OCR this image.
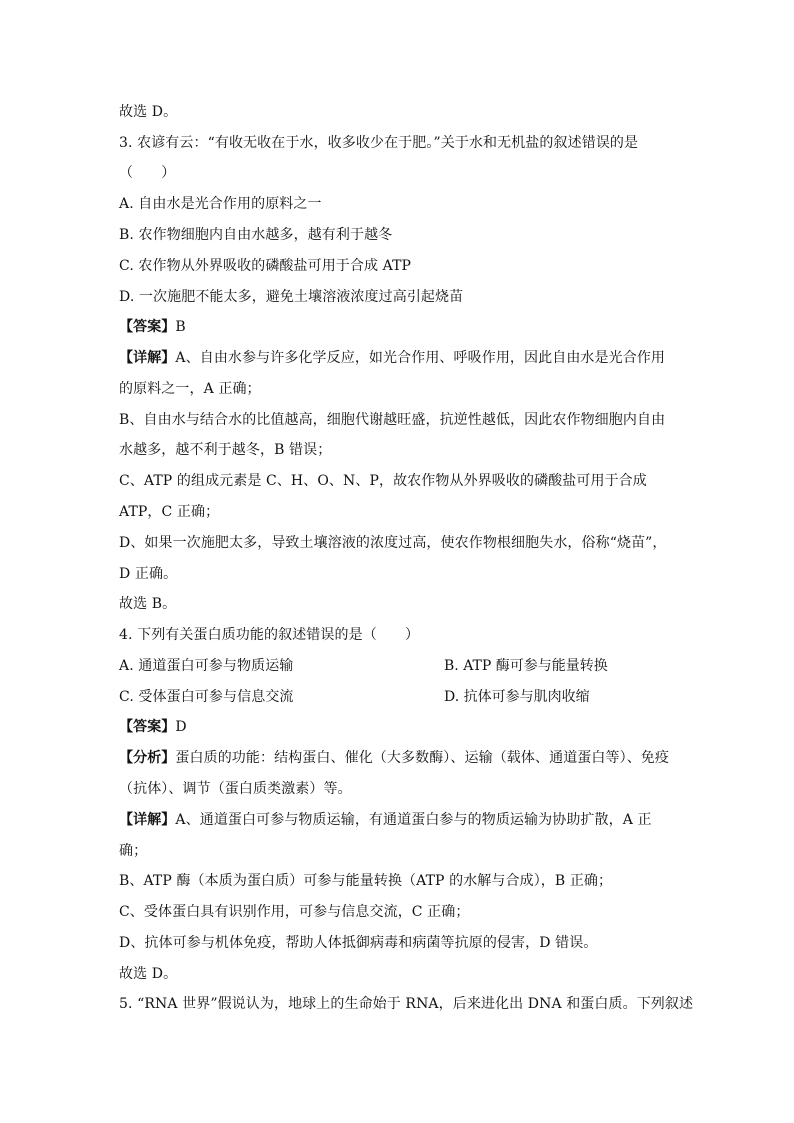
故选 D。
3. 农谚有云：“有收无收在于水，收多收少在于肥。”关于水和无机盐的叙述错误的是
（　　）
A. 自由水是光合作用的原料之一
B. 农作物细胞内自由水越多，越有利于越冬
C. 农作物从外界吸收的磷酸盐可用于合成 ATP
D. 一次施肥不能太多，避免土壤溶液浓度过高引起烧苗
【答案】B
【详解】A、自由水参与许多化学反应，如光合作用、呼吸作用，因此自由水是光合作用
的原料之一，A 正确；
B、自由水与结合水的比值越高，细胞代谢越旺盛，抗逆性越低，因此农作物细胞内自由
水越多，越不利于越冬，B 错误；
C、ATP 的组成元素是 C、H、O、N、P，故农作物从外界吸收的磷酸盐可用于合成
ATP，C 正确；
D、如果一次施肥太多，导致土壤溶液的浓度过高，使农作物根细胞失水，俗称“烧苗”，
D 正确。
故选 B。
4. 下列有关蛋白质功能的叙述错误的是（　　）
A. 通道蛋白可参与物质运输	B. ATP 酶可参与能量转换
C. 受体蛋白可参与信息交流	D. 抗体可参与肌肉收缩
【答案】D
【分析】蛋白质的功能：结构蛋白、催化（大多数酶）、运输（载体、通道蛋白等）、免疫
（抗体）、调节（蛋白质类激素）等。
【详解】A、通道蛋白可参与物质运输，有通道蛋白参与的物质运输为协助扩散，A 正
确；
B、ATP 酶（本质为蛋白质）可参与能量转换（ATP 的水解与合成），B 正确；
C、受体蛋白具有识别作用，可参与信息交流，C 正确；
D、抗体可参与机体免疫，帮助人体抵御病毒和病菌等抗原的侵害，D 错误。
故选 D。
5. “RNA 世界”假说认为，地球上的生命始于 RNA，后来进化出 DNA 和蛋白质。下列叙述
